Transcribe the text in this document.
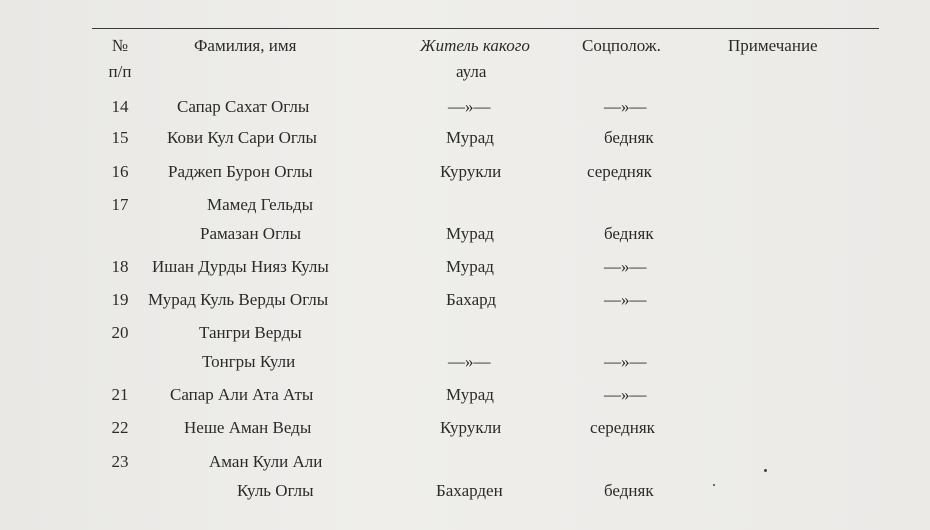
№
п/п
Фамилия, имя	Житель какого
аула
Соцполож.	Примечание
14	Сапар Сахат Оглы	—»—	—»—
15	Кови Кул Сари Оглы	Мурад	бедняк
16	Раджеп Бурон Оглы	Курукли	середняк
17	Мамед Гельды
Рамазан Оглы	Мурад	бедняк
18	Ишан Дурды Нияз Кулы	Мурад	—»—
19	Мурад Куль Верды Оглы	Бахард	—»—
20	Тангри Верды
Тонгры Кули	—»—	—»—
21	Сапар Али Ата Аты	Мурад	—»—
22	Неше Аман Веды	Курукли	середняк
23	Аман Кули Али
Куль Оглы	Бахарден	бедняк
